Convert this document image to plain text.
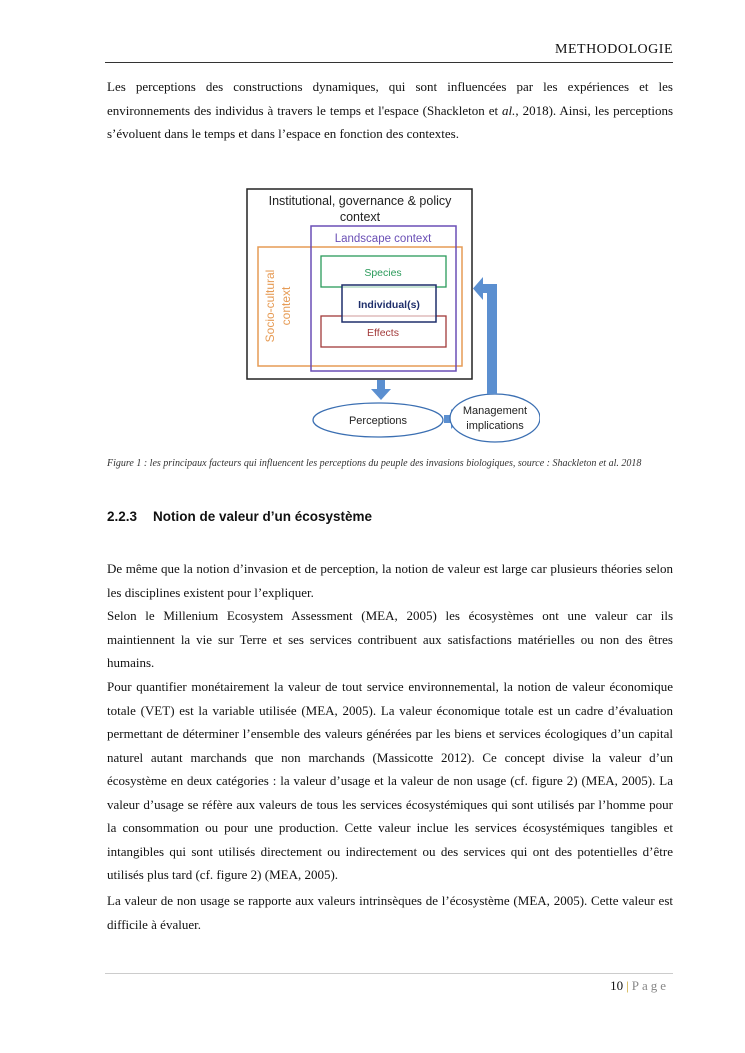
METHODOLOGIE

Les perceptions des constructions dynamiques, qui sont influencées par les expériences et les environnements des individus à travers le temps et l'espace (Shackleton et al., 2018). Ainsi, les perceptions s’évoluent dans le temps et dans l’espace en fonction des contextes.

Institutional, governance & policy
context
Socio-cultural context
Landscape context
Species
Effects
Individual(s)
Perceptions
Management
implications
Figure 1 : les principaux facteurs qui influencent les perceptions du peuple des invasions biologiques, source : Shackleton et al. 2018
2.2.3 Notion de valeur d’un écosystème

De même que la notion d’invasion et de perception, la notion de valeur est large car plusieurs théories selon les disciplines existent pour l’expliquer.

Selon le Millenium Ecosystem Assessment (MEA, 2005) les écosystèmes ont une valeur car ils maintiennent la vie sur Terre et ses services contribuent aux satisfactions matérielles ou non des êtres humains.

Pour quantifier monétairement la valeur de tout service environnemental, la notion de valeur économique totale (VET) est la variable utilisée (MEA, 2005). La valeur économique totale est un cadre d’évaluation permettant de déterminer l’ensemble des valeurs générées par les biens et services écologiques d’un capital naturel autant marchands que non marchands (Massicotte 2012). Ce concept divise la valeur d’un écosystème en deux catégories : la valeur d’usage et la valeur de non usage (cf. figure 2) (MEA, 2005). La valeur d’usage se réfère aux valeurs de tous les services écosystémiques qui sont utilisés par l’homme pour la consommation ou pour une production. Cette valeur inclue les services écosystémiques tangibles et intangibles qui sont utilisés directement ou indirectement ou des services qui ont des potentielles d’être utilisés plus tard (cf. figure 2) (MEA, 2005).

La valeur de non usage se rapporte aux valeurs intrinsèques de l’écosystème (MEA, 2005). Cette valeur est difficile à évaluer.

10 | Page
